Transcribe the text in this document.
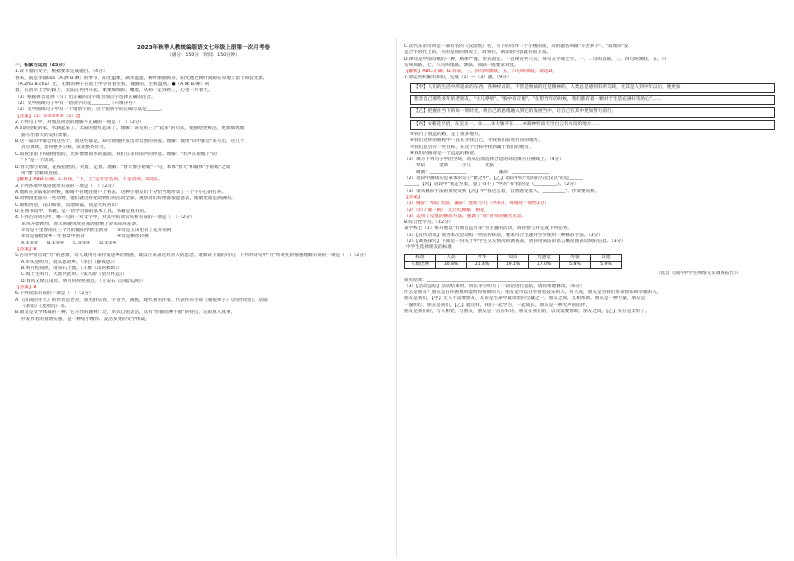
2023年秋季人教统编版语文七年级上册第一次月考卷
（满分：150分　时间：150分钟）
一、积累与运用（45分）
1.读下面的文字，根据要求完成题目。（4分）
春来，就是李甜lìsā［A.洒 B.晒］的季节。阳光温柔，湖水盈盈，树叶刚抽新芽，阳光透过树叶间隙在草地上留下斑驳光影，
（A.Zhū B.chū）光，无数的种子在泥土中孕育着生机，瑰丽的，生机盎然。●（A.嗦 B.嗦）叫
着，在清早上学的路上，太阳正冉冉升起，柔柔细细的。嫩着，从初一走到初三，心里一片春天。
（1）根据拼音选择（写）出正确的汉字或为加点字选择正确的注音。
（2）文中画线句子中有一错别字的是________（只填序号）
（2）文中画线句子中有一个错别字的，这个错别字的正确写法是______。
【答案】（1）①②③④⑤（2）湿
2.下列句子中，对加点词语的理解不正确的一项是（　）（2分）
A.山洞里蛇的家，水滴起来了，太阳的脸红起来了。理解：该句用三个"起来"的句式，使描绘更鲜活，更加细致地
描写出春天的美好景象。
B.这一篇山中都会用这些个，而这些都是，却尽情地抒发出对自然的喜爱。理解：使用"山中都会"来写出，这几个
具有体现，显得整齐匀称，读来整齐有力。
C.雨夜里雨下得静悄悄的，光好像要雨水的滋润，我们在等待雨声的停息。理解："水声在屋檐下"的
"下"是一个动词。
D.春天像小姑娘，花枝招展的，笑着，走着。理解："春天像小姑娘"一句，本体"春天"和喻体"小姑娘"之间
用"像"比喻词连接。
【解析】ABD.正确；C.有误，"下，上"是方位名词，不是动词。故选C。
3.下列各项中成语使用有误的一项是（　）（2分）
A.他跨在亲戚家的时候，眼睛不住地往窗户上看去，这种小朋友们十分恰当地形容了一个不小心的打坏。
B.动物园里面有一些动物，他们就这样把动物们的活动全部，观察者们好像都很愿意去，眼睛里面是满满的。
C.姐姐西望，花山如带，沟池如镜，真是大好河山！
D.在图书馆中，书籍，是一切学习都的基本工具，书籍是真有的。
4.下列古诗词句中，哪一句的一对文字中，对其中的词句赏析有误的一项是（　）（2分）
东风开始转向，春天的暖风吹在我的脸颊上带来阵阵花香。
①诗是千里春雨在三个月的暖阳中新生新芽　　②诗是玉田里有了花开的阿
③诗是描绘故乡一年春景中的诗　　　　　　　④诗是柳丝轻拂
A.①②③　　B.①③④　　C.②③④　　D.①②④
【答案】B
5.古诗中常出现"月"的意象，诗人或用月来抒发思乡的情感，或以月来表达对亲人的思念。请阅读下面的诗句，下列对诗句中"月"所寄托的情感理解有误的一项是（　）（2分）
A.举头望明月，低头思故乡。（李白《静夜思》）
B.明月松间照，清泉石上流。（王维《山居秋暝》）
C.海上生明月，天涯共此时。（张九龄《望月怀远》）
D.春风又绿江南岸，明月何时照我还。（王安石《泊船瓜洲》）
【答案】B
6.下列说法有误的一项是（　）（2分）
A.《济南的冬天》的作者是老舍，原名舒庆春，字舍予，满族，现代著名作家，代表作有小说《骆驼祥子》《四世同堂》，话剧
《茶馆》《龙须沟》等。
B.散文是文学体裁的一种，它写作的题材广泛，形式自由灵活，具有"形散而神不散"的特点，记叙真人真事，
抒发作者的真情实感，是一种短小精悍、灵活多变的文学体裁。
C.次代东帝诗词是一部有名的《汉园集》名，写下的诗作一个小楼雨夜，诗的题名叫做"辛苦萝卜"、"寂闻你"发
是合乎时代上的，写的是我的情况上，故事后，朗读的内容就有很丰富。
D.律诗是中国诗歌的一种，格律严谨，形式固定。一首律诗共八句，每句五字或七字。一、二句叫首联，三、四句叫颔联，五、六
句叫颈联，七、八句叫尾联。颔联、颈联一般要求对仗。
【解析】ABC.正确；D.有误，三、四句叫颔联，五、六句叫颈联。故选D。
7.请运用积累的知识，完成（1）—（3）题。（9分）
【甲】人们的生活中所追求的东西，各种样式的，不管是物质的还是精神的，人类总是感到有所欠缺，尤其是人到中年以后，便更加
想念自己那些多年的老朋友。"小儿咿唔"，"胸中有丘壑"。"在想当年的时候，我们都有着一颗对于生活充满好奇的心"……
【乙】把握住当下的每一刻时光，将自己的思绪融入到它的发展当中，让自己在其中更加努力前行。
【丙】①朝花夕拾，东皇太一。②……③大雁开在……④凝神听雨天空白云有方向的地方……
⑤我行了很远的路，走了很多地方。
⑥我们这样的路程中一直在寻找自己，寻找我们前进方向的地方。
⑦我们总会有一些目标，在这个目标中找到属于我们的地方。
⑧我们的路途是一个远远的路途。
（1）填写下列句子中的空缺，请从后面选择合适的词语填写在横线上。（4分）
奉陪　　　金饰　　　小儿　　　光临
歌曲：________________　　　　　　　谦辞：________________
（2）语段中画线句是秉承的句子"雅之中"，【乙】语段中的"光阴的古佳仪式"的是______
______，【丙】语段中"我走至着，童了书不了"中的"书"指的是《__________》。（2分）
（3）请从修辞手法的角度赏析【丙】中"我这么着，自然感受着人，__________"。作简要赏析。
【答案】
（1）敬辞：奉陪 光临　谦辞：金饰 小儿（共4分，每填对一项给1分）
（2）《钓 / 冀 · 朝》　元旦吃糯糯　朝花
（3）运用了反复的修辞方法，强调了"我"背书的痛苦无奈。
8.综合性学习。（12分）
某学校七（1）班开展以"有朋自远方来"为主题的活动，请你参与并完成下列任务。
（1）【宣传动员】请为本次活动拟一则宣传标语，要求符合主题并至少使用一种修辞手法。（3分）
（2）【调查探究】下面是一份关于中学生交友情况的调查表，请你用简洁的语言概括图表反映的信息。（3分）
中学生选择朋友的标准
标准	人品	才华	知识	凭感觉	外貌	其他
人数比例	30.8%	21.4%	19.1%	17.0%	5.8%	5.9%
（选自《国内中学生网络交友调查报告》）
探究结果：________________________________________________________
（3）【活动总结】活动结束时，班长李小明写了一段话进行总结，请你帮他修改。（6分）
什么是朋友？朋友是在你困难时能给你帮助的人；朋友是可以分享喜怒哀乐的人。有人说，朋友是为我们带来快乐和幸福的人。
朋友是我们，【甲】无人不需要朋友，友谊是生命中最珍贵的宝藏之一。朋友之间，互相帮助。朋友是一种力量，朋友是
一盏明灯，朋友是我们，【乙】就这样，我们一起学习，一起成长。朋友是一种无声的陪伴。
朋友是我们的，与人相处，与朋友，朋友是一首首好诗，朋友在我们的，以及需要帮助。朋友之间，【乙】实在是太好了。
